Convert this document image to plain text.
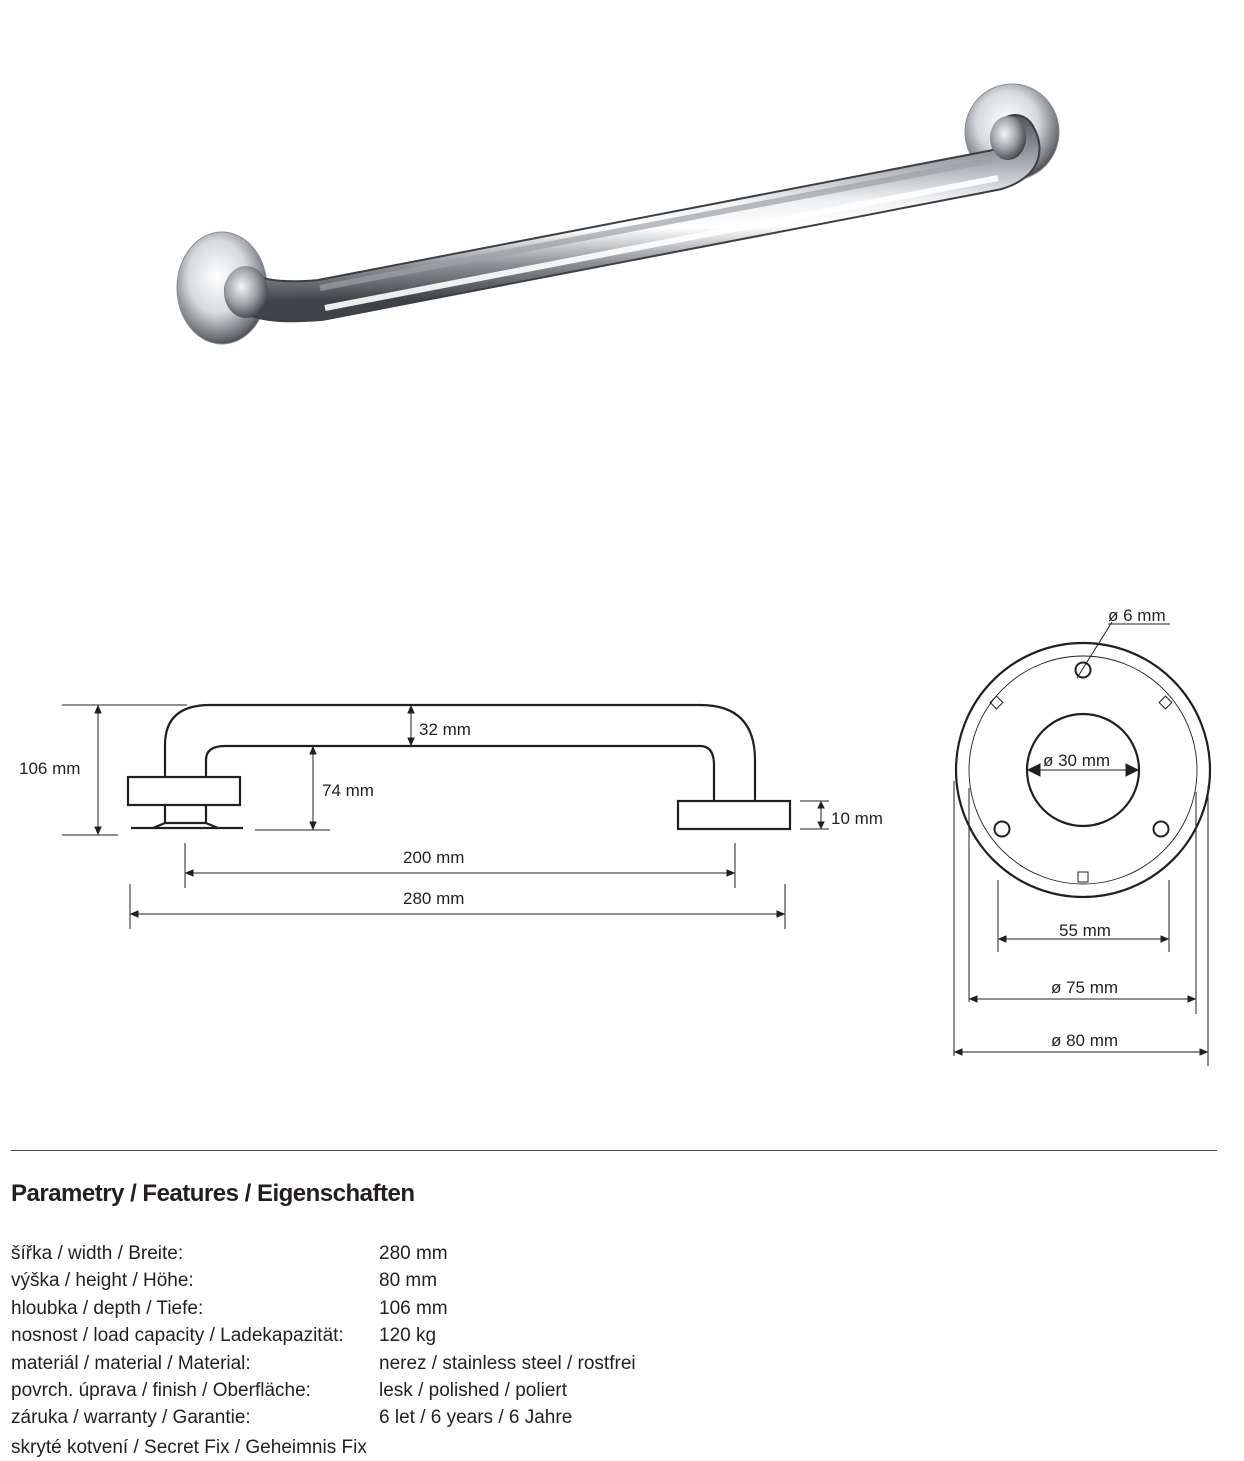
106 mm
32 mm
74 mm
10 mm
200 mm
280 mm
ø 6 mm
ø 30 mm
55 mm
ø 75 mm
ø 80 mm
Parametry / Features / Eigenschaften
šířka / width / Breite:	280 mm
výška / height / Höhe:	80 mm
hloubka / depth / Tiefe:	106 mm
nosnost / load capacity / Ladekapazität:	120 kg
materiál / material / Material:	nerez / stainless steel / rostfrei
povrch. úprava / finish / Oberfläche:	lesk / polished / poliert
záruka / warranty / Garantie:	6 let / 6 years / 6 Jahre
skryté kotvení / Secret Fix / Geheimnis Fix
